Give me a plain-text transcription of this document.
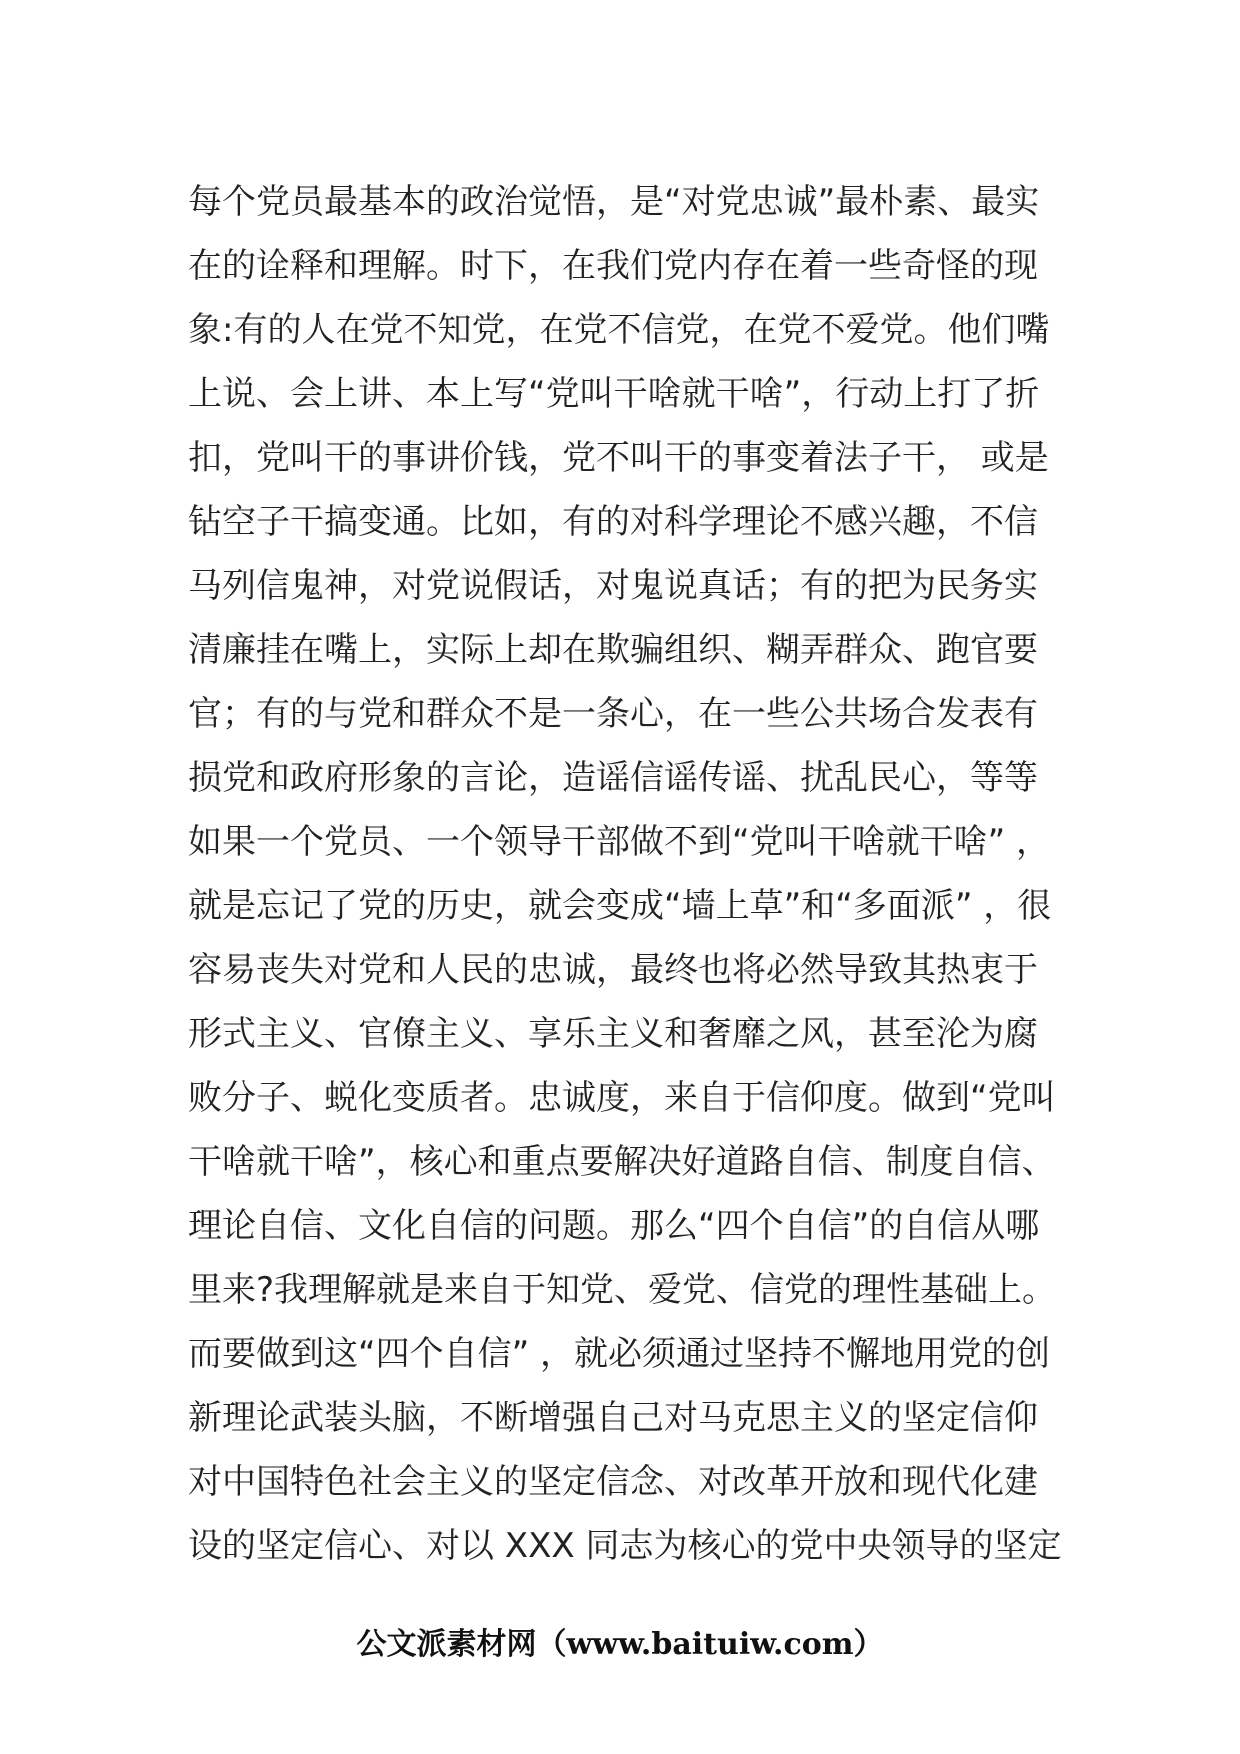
每个党员最基本的政治觉悟，是“对党忠诚”最朴素、最实
在的诠释和理解。时下，在我们党内存在着一些奇怪的现
象:有的人在党不知党，在党不信党，在党不爱党。他们嘴
上说、会上讲、本上写“党叫干啥就干啥”，行动上打了折
扣，党叫干的事讲价钱，党不叫干的事变着法子干， 或是
钻空子干搞变通。比如，有的对科学理论不感兴趣，不信
马列信鬼神，对党说假话，对鬼说真话；有的把为民务实
清廉挂在嘴上，实际上却在欺骗组织、糊弄群众、跑官要
官；有的与党和群众不是一条心，在一些公共场合发表有
损党和政府形象的言论，造谣信谣传谣、扰乱民心，等等
如果一个党员、一个领导干部做不到“党叫干啥就干啥” ，
就是忘记了党的历史，就会变成“墙上草”和“多面派” ，很
容易丧失对党和人民的忠诚，最终也将必然导致其热衷于
形式主义、官僚主义、享乐主义和奢靡之风，甚至沦为腐
败分子、蜕化变质者。忠诚度，来自于信仰度。做到“党叫
干啥就干啥”，核心和重点要解决好道路自信、制度自信、
理论自信、文化自信的问题。那么“四个自信”的自信从哪
里来?我理解就是来自于知党、爱党、信党的理性基础上。
而要做到这“四个自信” ，就必须通过坚持不懈地用党的创
新理论武装头脑，不断增强自己对马克思主义的坚定信仰
对中国特色社会主义的坚定信念、对改革开放和现代化建
设的坚定信心、对以 XXX 同志为核心的党中央领导的坚定
公文派素材网（www.baituiw.com）
